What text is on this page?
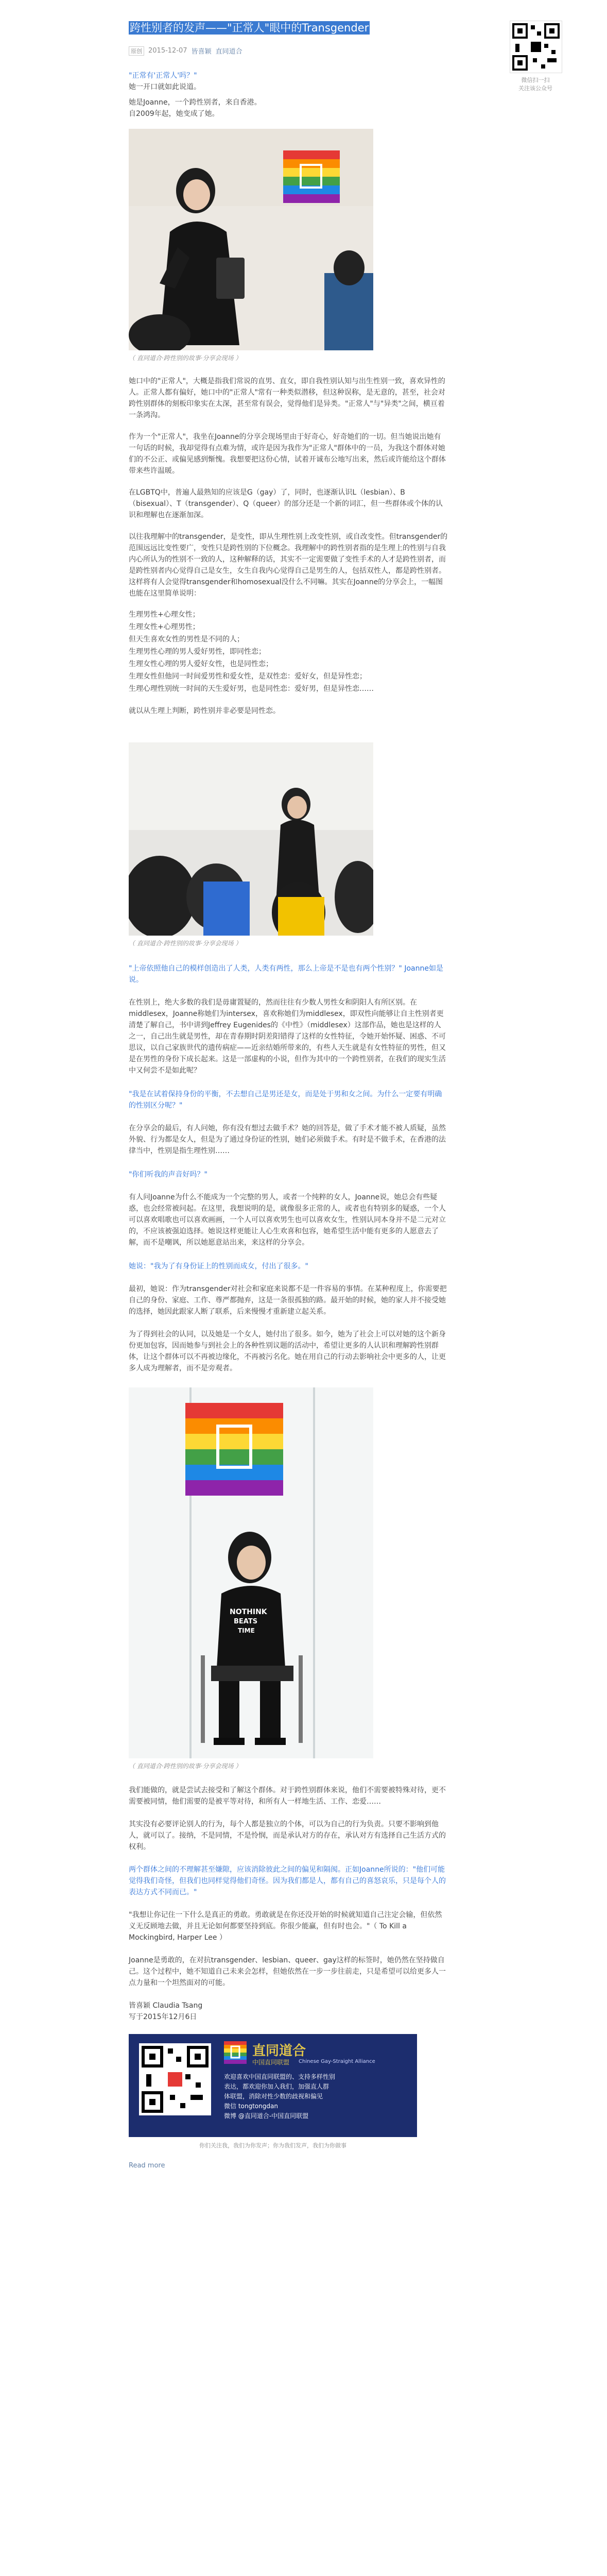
跨性别者的发声——"正常人"眼中的Transgender
原创 2015-12-07 皆喜颖 直同道合

"正常有'正常人'吗？"

她一开口就如此说道。

她是Joanne，一个跨性别者，来自香港。

自2009年起，她变成了她。

（ 直同道合·跨性别的故事·分享会现场 ）

她口中的"正常人"，大概是指我们常说的直男、直女，即自我性别认知与出生性别一致，喜欢异性的人。正常人都有偏好，她口中的"正常人"常有一种类似潜移，但这种误称，是无意的，甚至，社会对跨性别群体的刻板印象实在太深，甚至常有误会，觉得他们是异类。"正常人"与"异类"之间，横亘着一条鸿沟。

作为一个"正常人"，我坐在Joanne的分享会现场里由于好奇心，好奇她们的一切。但当她说出她有一句话的时候，我却觉得有点难为情，或许是因为我作为"正常人"群体中的一员，为我这个群体对她们的不公正、或偏见感到惭愧。我想要把这份心情，试着开诚布公地写出来，然后或许能给这个群体带来些许温暖。

在LGBTQ中，普遍人最熟知的应该是G（gay）了，同时，也逐渐认识L（lesbian）、B（bisexual）、T（transgender）、Q（queer）的部分还是一个新的词汇，但一些群体或个体的认识和理解也在逐渐加深。

以往我理解中的transgender，是变性，即从生理性别上改变性别，或自改变性。但transgender的范围远远比变性要广，变性只是跨性别的下位概念。我理解中的跨性别者指的是生理上的性别与自我内心所认为的性别不一致的人，这种解释的话，其实不一定需要做了变性手术的人才是跨性别者，而是跨性别者内心觉得自己是女生，女生自我内心觉得自己是男生的人，包括双性人，都是跨性别者。这样将有人会觉得transgender和homosexual没什么不同嘛。其实在Joanne的分享会上，一幅图也能在这里简单说明：

生理男性+心理女性；

生理女性+心理男性；

但天生喜欢女性的男性是不同的人；

生理男性心理的男人爱好男性，即同性恋；

生理女性心理的男人爱好女性，也是同性恋；

生理女性但他同一时间爱男性和爱女性，是双性恋：爱好女，但是异性恋；

生理心理性别统一时间的天生爱好男，也是同性恋：爱好男，但是异性恋……

就以从生理上判断，跨性别并非必要是同性恋。

（ 直同道合·跨性别的故事·分享会现场 ）

"上帝依照他自己的模样创造出了人类，人类有两性，那么上帝是不是也有两个性别？" Joanne如是说。

在性别上，绝大多数的我们是毋庸置疑的，然而往往有少数人男性女和阴阳人有所区别。在middlesex，Joanne称她们为intersex，喜欢称她们为middlesex，即双性向能够让自主性别者更清楚了解自己，书中讲到Jeffrey Eugenides的《中性》（middlesex）这部作品，她也是这样的人之一，自己出生就是男性，却在青春期时阴差阳错得了这样的女性特征，令她开始怀疑、困惑、不可思议，以自己家族世代的遗传病症——近亲结婚所带来的，有些人天生就是有女性特征的男性，但又是在男性的身份下成长起来。这是一部虚构的小说，但作为其中的一个跨性别者，在我们的现实生活中又何尝不是如此呢？

"我是在试着保持身份的平衡，不去想自己是男还是女，而是处于男和女之间。为什么一定要有明确的性别区分呢？"

在分享会的最后，有人问她，你有没有想过去做手术？她的回答是，做了手术才能不被人质疑，虽然外貌、行为都是女人，但是为了通过身份证的性别，她们必须做手术。有时是不做手术，在香港的法律当中，性别是指生理性别……

"你们听我的声音好吗？"

有人问Joanne为什么不能成为一个完整的男人，或者一个纯粹的女人，Joanne说，她总会有些疑惑，也会经常被问起。在这里，我想说明的是，就像很多正常的人，或者也有特别多的疑惑，一个人可以喜欢唱歌也可以喜欢画画，一个人可以喜欢男生也可以喜欢女生，性别认同本身并不是二元对立的，不应该被强迫选择。她说这样更能让人心生欢喜和包容，她希望生活中能有更多的人愿意去了解，而不是嘲讽，所以她愿意站出来，来这样的分享会。

她说："我为了有身份证上的性别而成女，付出了很多。"

最初，她说：作为transgender对社会和家庭来说都不是一件容易的事情。在某种程度上，你需要把自己的身份、家庭、工作、尊严都抛弃，这是一条很孤独的路。最开始的时候，她的家人并不接受她的选择，她因此跟家人断了联系，后来慢慢才重新建立起关系。

为了得到社会的认同，以及她是一个女人，她付出了很多。如今，她为了社会上可以对她的这个新身份更加包容，因而她参与到社会上的各种性别议题的活动中，希望让更多的人认识和理解跨性别群体，让这个群体可以不再被边缘化，不再被污名化。她在用自己的行动去影响社会中更多的人，让更多人成为理解者，而不是旁观者。

NOTHINK
BEATS
TIME
（ 直同道合·跨性别的故事·分享会现场 ）

我们能做的，就是尝试去接受和了解这个群体。对于跨性别群体来说，他们不需要被特殊对待，更不需要被同情，他们需要的是被平等对待，和所有人一样地生活、工作、恋爱……

其实没有必要评论别人的行为，每个人都是独立的个体，可以为自己的行为负责。只要不影响到他人，就可以了。接纳，不是同情，不是怜悯，而是承认对方的存在，承认对方有选择自己生活方式的权利。

两个群体之间的不理解甚至嫌隙，应该消除彼此之间的偏见和隔阂。正如Joanne所说的："他们可能觉得我们奇怪，但我们也同样觉得他们奇怪。因为我们都是人，都有自己的喜怒哀乐，只是每个人的表达方式不同而已。"

"我想让你记住一下什么是真正的勇敢。勇敢就是在你还没开始的时候就知道自己注定会输，但依然义无反顾地去做，并且无论如何都要坚持到底。你很少能赢，但有时也会。"（ To Kill a Mockingbird, Harper Lee ）

Joanne是勇敢的，在对抗transgender、lesbian、queer、gay这样的标签时，她仍然在坚持做自己。这个过程中，她不知道自己未来会怎样，但她依然在一步一步往前走，只是希望可以给更多人一点力量和一个坦然面对的可能。

皆喜颖 Claudia Tsang

写于2015年12月6日

直同道合
中国直同联盟 Chinese Gay-Straight Alliance
欢迎喜欢中国直同联盟的、支持多样性别
表达，都欢迎你加入我们，加强直人群
体联盟，消除对性少数的歧视和偏见
微信 tongtongdan
微博 @直同道合-中国直同联盟
你们关注我，我们为你发声；你为我们发声，我们为你做事
Read more
微信扫一扫
关注该公众号
